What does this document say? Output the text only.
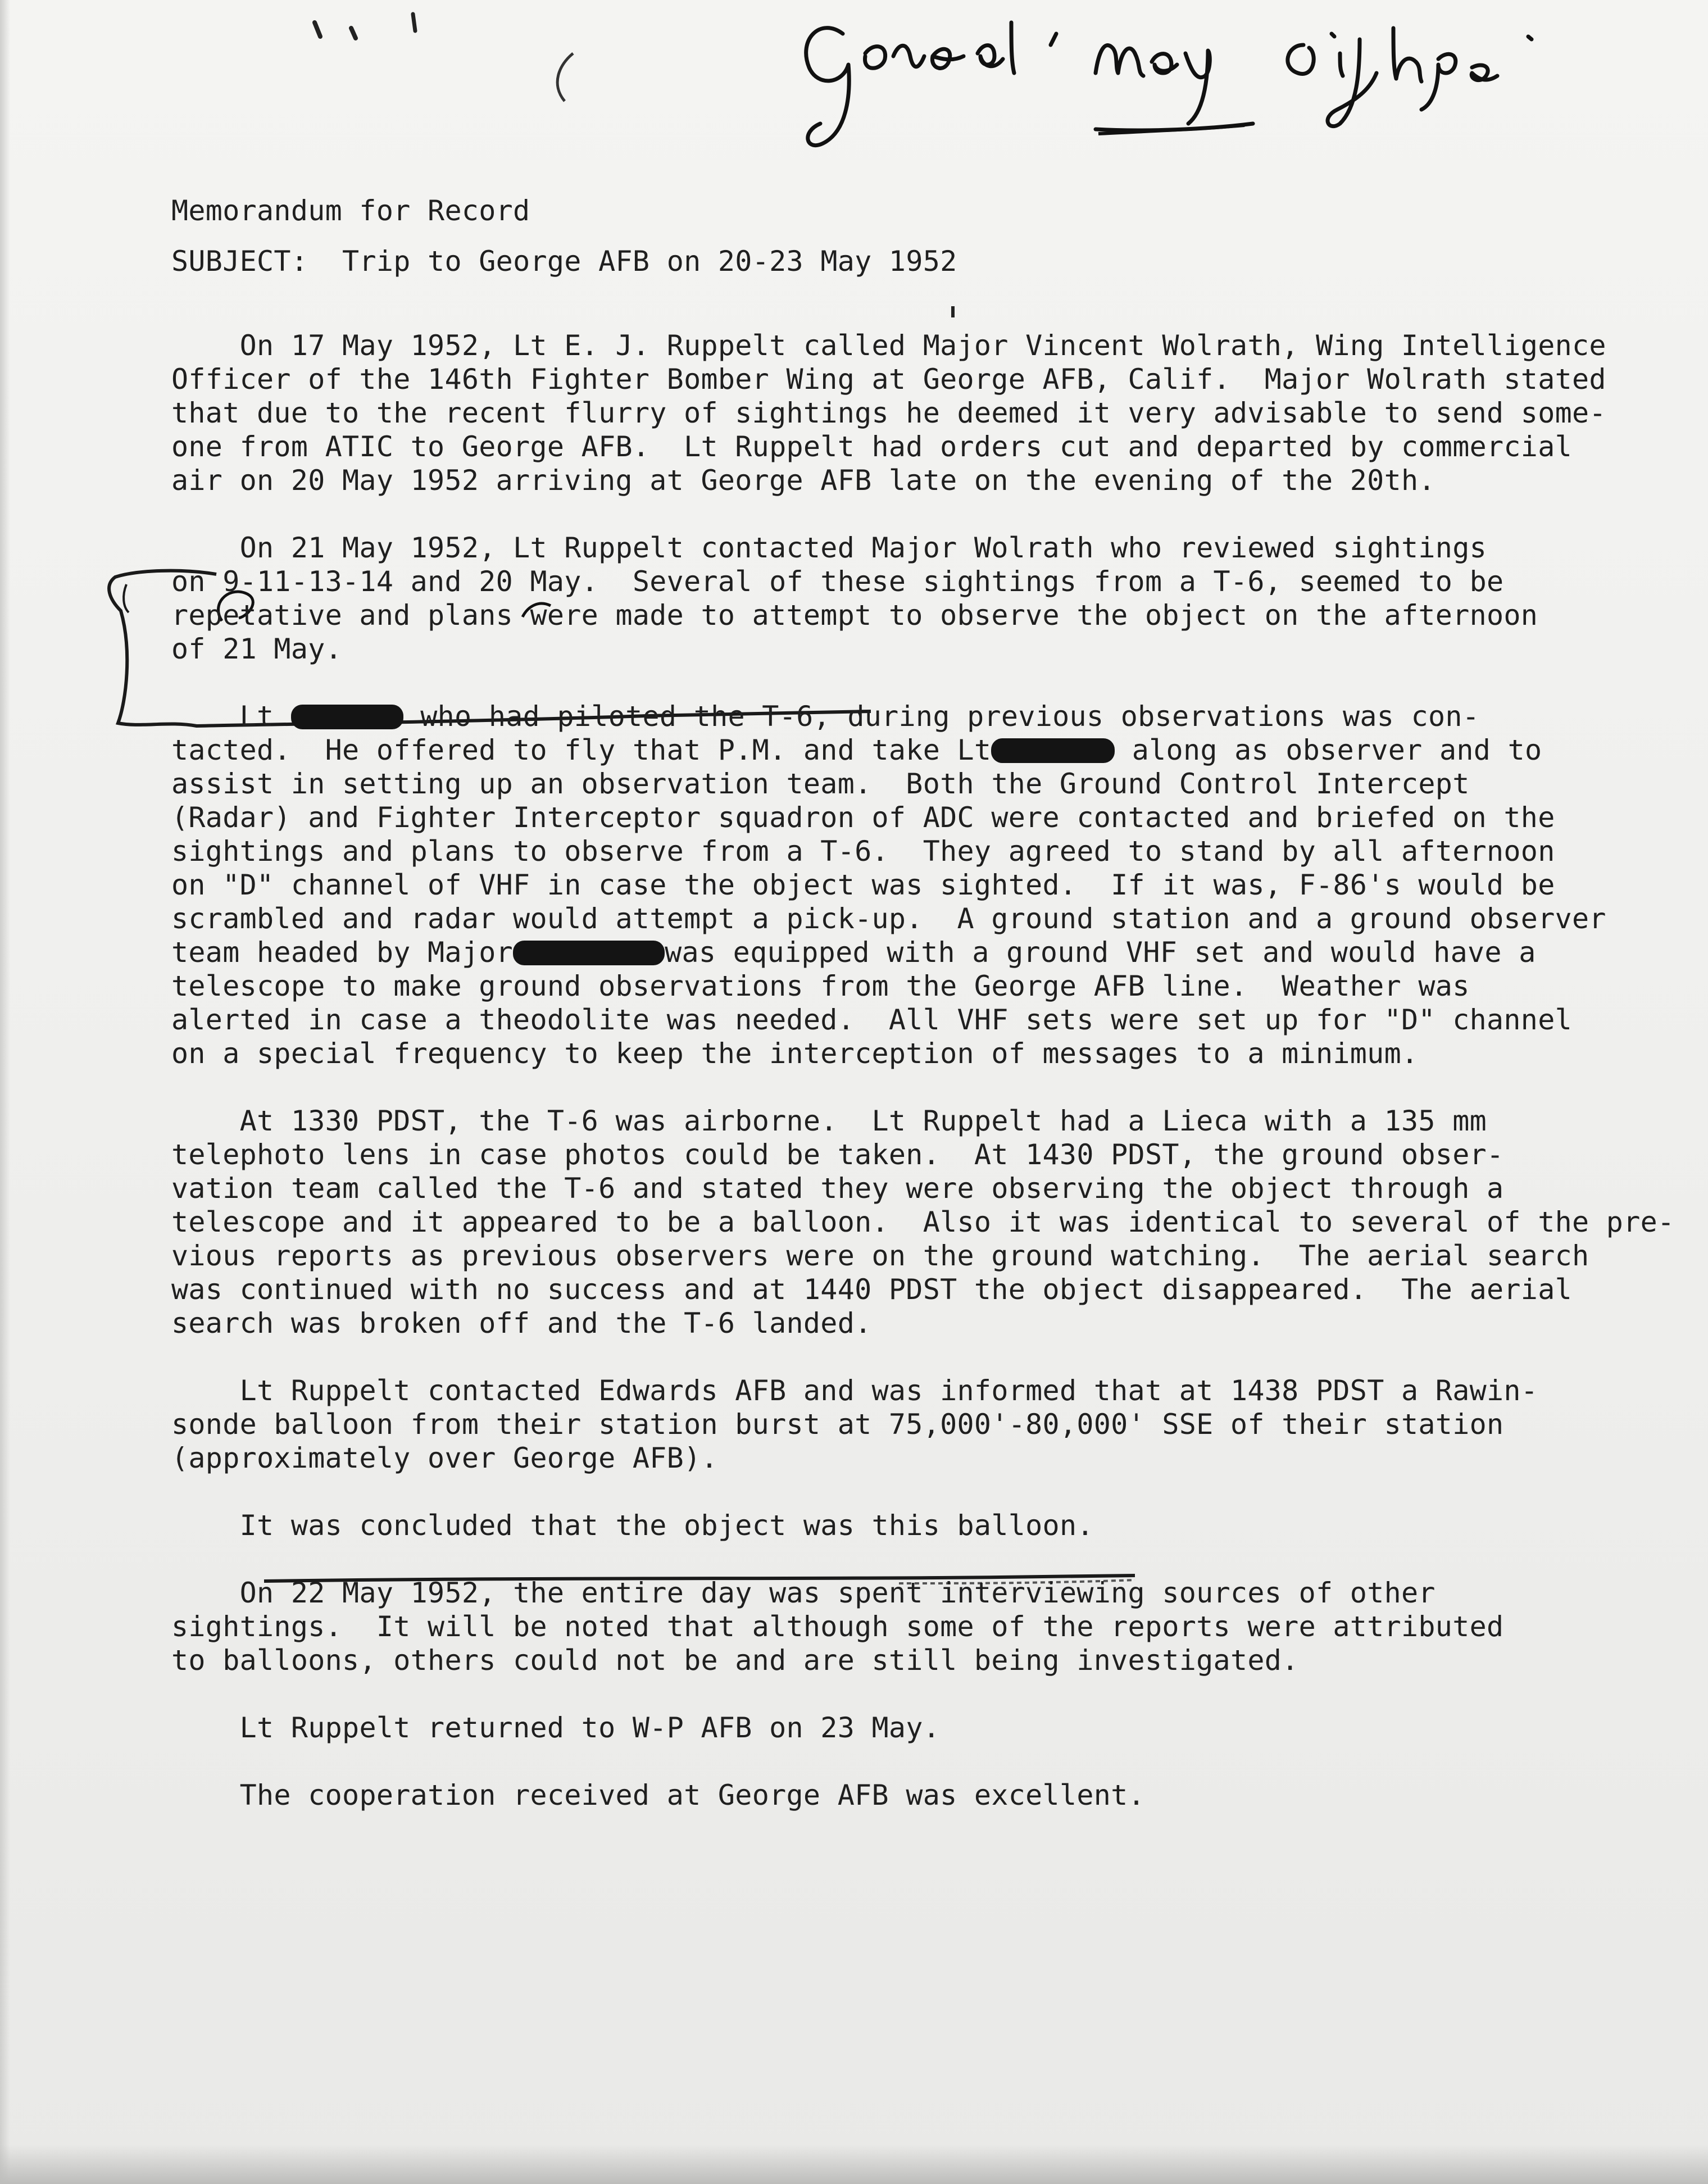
Memorandum for Record
SUBJECT: Trip to George AFB on 20-23 May 1952
On 17 May 1952, Lt E. J. Ruppelt called Major Vincent Wolrath, Wing Intelligence
Officer of the 146th Fighter Bomber Wing at George AFB, Calif.  Major Wolrath stated
that due to the recent flurry of sightings he deemed it very advisable to send some-
one from ATIC to George AFB.  Lt Ruppelt had orders cut and departed by commercial
air on 20 May 1952 arriving at George AFB late on the evening of the 20th.
On 21 May 1952, Lt Ruppelt contacted Major Wolrath who reviewed sightings
on 9-11-13-14 and 20 May.  Several of these sightings from a T-6, seemed to be
repetative and plans were made to attempt to observe the object on the afternoon
of 21 May.
Lt	who had piloted the T-6, during previous observations was con-
tacted.  He offered to fly that P.M. and take Lt	along as observer and to
assist in setting up an observation team.  Both the Ground Control Intercept
(Radar) and Fighter Interceptor squadron of ADC were contacted and briefed on the
sightings and plans to observe from a T-6.  They agreed to stand by all afternoon
on "D" channel of VHF in case the object was sighted.  If it was, F-86's would be
scrambled and radar would attempt a pick-up.  A ground station and a ground observer
team headed by Major	was equipped with a ground VHF set and would have a
telescope to make ground observations from the George AFB line.  Weather was
alerted in case a theodolite was needed.  All VHF sets were set up for "D" channel
on a special frequency to keep the interception of messages to a minimum.
At 1330 PDST, the T-6 was airborne.  Lt Ruppelt had a Lieca with a 135 mm
telephoto lens in case photos could be taken.  At 1430 PDST, the ground obser-
vation team called the T-6 and stated they were observing the object through a
telescope and it appeared to be a balloon.  Also it was identical to several of the pre-
vious reports as previous observers were on the ground watching.  The aerial search
was continued with no success and at 1440 PDST the object disappeared.  The aerial
search was broken off and the T-6 landed.
Lt Ruppelt contacted Edwards AFB and was informed that at 1438 PDST a Rawin-
sonde balloon from their station burst at 75,000'-80,000' SSE of their station
(approximately over George AFB).
It was concluded that the object was this balloon.
On 22 May 1952, the entire day was spent interviewing sources of other
sightings.  It will be noted that although some of the reports were attributed
to balloons, others could not be and are still being investigated.
Lt Ruppelt returned to W-P AFB on 23 May.
The cooperation received at George AFB was excellent.
